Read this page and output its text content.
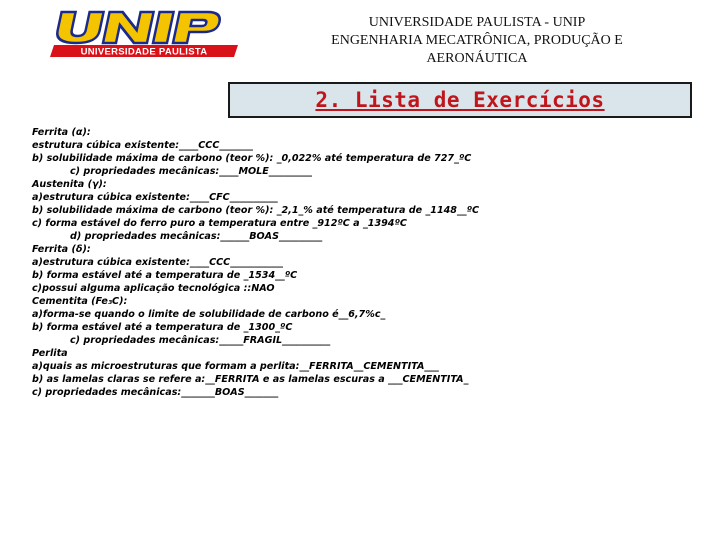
UNIVERSIDADE PAULISTA
UNIVERSIDADE PAULISTA - UNIP
ENGENHARIA MECATRÔNICA, PRODUÇÃO E
AERONÁUTICA
2. Lista de Exercícios
Ferrita (α):
estrutura cúbica existente:____CCC_______
b) solubilidade máxima de carbono (teor %): _0,022% até temperatura de 727_ºC
c) propriedades mecânicas:____MOLE_________
Austenita (γ):
a)estrutura cúbica existente:____CFC__________
b) solubilidade máxima de carbono (teor %): _2,1_% até temperatura de _1148__ºC
c) forma estável do ferro puro a temperatura entre _912ºC a _1394ºC
d) propriedades mecânicas:______BOAS_________
Ferrita (δ):
a)estrutura cúbica existente:____CCC___________
b) forma estável até a temperatura de _1534__ºC
c)possui alguma aplicação tecnológica ::NAO
Cementita (Fe₃C):
a)forma-se quando o limite de solubilidade de carbono é__6,7%c_
b) forma estável até a temperatura de _1300_ºC
c) propriedades mecânicas:_____FRAGIL__________
Perlita
a)quais as microestruturas que formam a perlita:__FERRITA__CEMENTITA___
b) as lamelas claras se refere a:__FERRITA e as lamelas escuras a ___CEMENTITA_
c) propriedades mecânicas:_______BOAS_______
